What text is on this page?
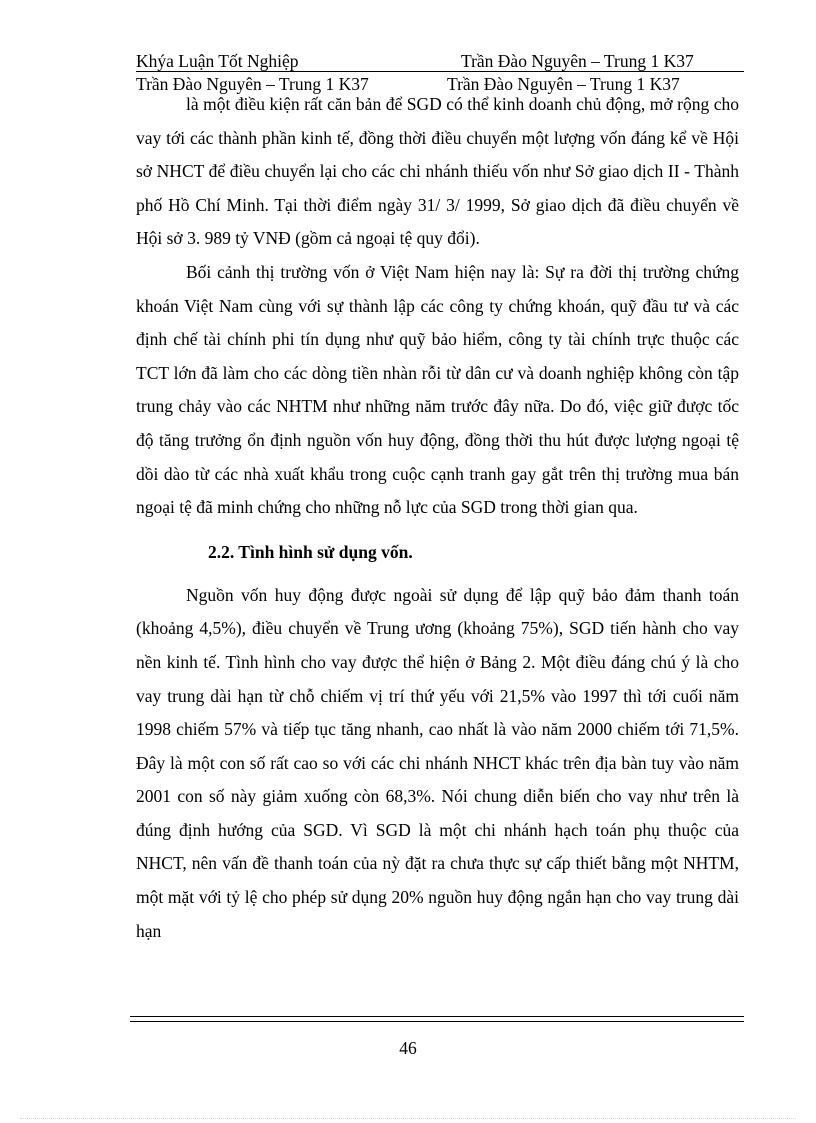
Khýa Luận Tốt Nghiệp	Trần Đào Nguyên – Trung 1 K37
Trần Đào Nguyên – Trung 1 K37	Trần Đào Nguyên – Trung 1 K37

là một điều kiện rất căn bản để SGD có thể kinh doanh chủ động, mở rộng cho vay tới các thành phần kinh tế, đồng thời điều chuyển một lượng vốn đáng kể về Hội sở NHCT để điều chuyển lại cho các chi nhánh thiếu vốn như Sở giao dịch II - Thành phố Hồ Chí Minh. Tại thời điểm ngày 31/ 3/ 1999, Sở giao dịch đã điều chuyển về Hội sở 3. 989 tỷ VNĐ (gồm cả ngoại tệ quy đổi).

Bối cảnh thị trường vốn ở Việt Nam hiện nay là: Sự ra đời thị trường chứng khoán Việt Nam cùng với sự thành lập các công ty chứng khoán, quỹ đầu tư và các định chế tài chính phi tín dụng như quỹ bảo hiểm, công ty tài chính trực thuộc các TCT lớn đã làm cho các dòng tiền nhàn rỗi từ dân cư và doanh nghiệp không còn tập trung chảy vào các NHTM như những năm trước đây nữa. Do đó, việc giữ được tốc độ tăng trưởng ổn định nguồn vốn huy động, đồng thời thu hút được lượng ngoại tệ dồi dào từ các nhà xuất khẩu trong cuộc cạnh tranh gay gắt trên thị trường mua bán ngoại tệ đã minh chứng cho những nỗ lực của SGD trong thời gian qua.

2.2. Tình hình sử dụng vốn.

Nguồn vốn huy động được ngoài sử dụng để lập quỹ bảo đảm thanh toán (khoảng 4,5%), điều chuyển về Trung ương (khoảng 75%), SGD tiến hành cho vay nền kinh tế. Tình hình cho vay được thể hiện ở Bảng 2. Một điều đáng chú ý là cho vay trung dài hạn từ chỗ chiếm vị trí thứ yếu với 21,5% vào 1997 thì tới cuối năm 1998 chiếm 57% và tiếp tục tăng nhanh, cao nhất là vào năm 2000 chiếm tới 71,5%. Đây là một con số rất cao so với các chi nhánh NHCT khác trên địa bàn tuy vào năm 2001 con số này giảm xuống còn 68,3%. Nói chung diễn biến cho vay như trên là đúng định hướng của SGD. Vì SGD là một chi nhánh hạch toán phụ thuộc của NHCT, nên vấn đề thanh toán của nỳ đặt ra chưa thực sự cấp thiết bằng một NHTM, một mặt với tỷ lệ cho phép sử dụng 20% nguồn huy động ngắn hạn cho vay trung dài hạn

46
